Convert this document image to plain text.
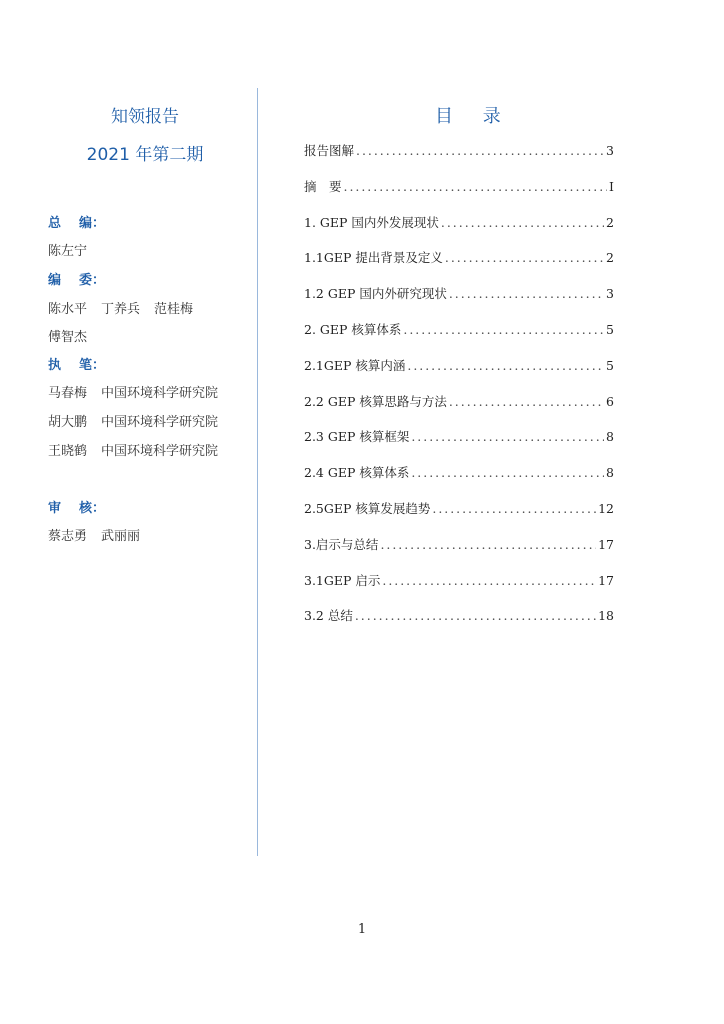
知领报告
2021 年第二期
总 编：
陈左宁
编 委：
陈水平 丁养兵 范桂梅
傅智杰
执 笔：
马春梅 中国环境科学研究院
胡大鹏 中国环境科学研究院
王晓鹤 中国环境科学研究院
审 核：
蔡志勇 武丽丽
目 录
报告图解 . . .	3
摘　要 . . .	I
1. GEP 国内外发展现状 . . .	2
1.1GEP 提出背景及定义 . . .	2
1.2 GEP 国内外研究现状 . . .	3
2. GEP 核算体系 . . .	5
2.1GEP 核算内涵 . . .	5
2.2 GEP 核算思路与方法 . . .	6
2.3 GEP 核算框架 . . .	8
2.4 GEP 核算体系 . . .	8
2.5GEP 核算发展趋势 . . .	12
3.启示与总结 . . .	17
3.1GEP 启示 . . .	17
3.2 总结 . . .	18
1
